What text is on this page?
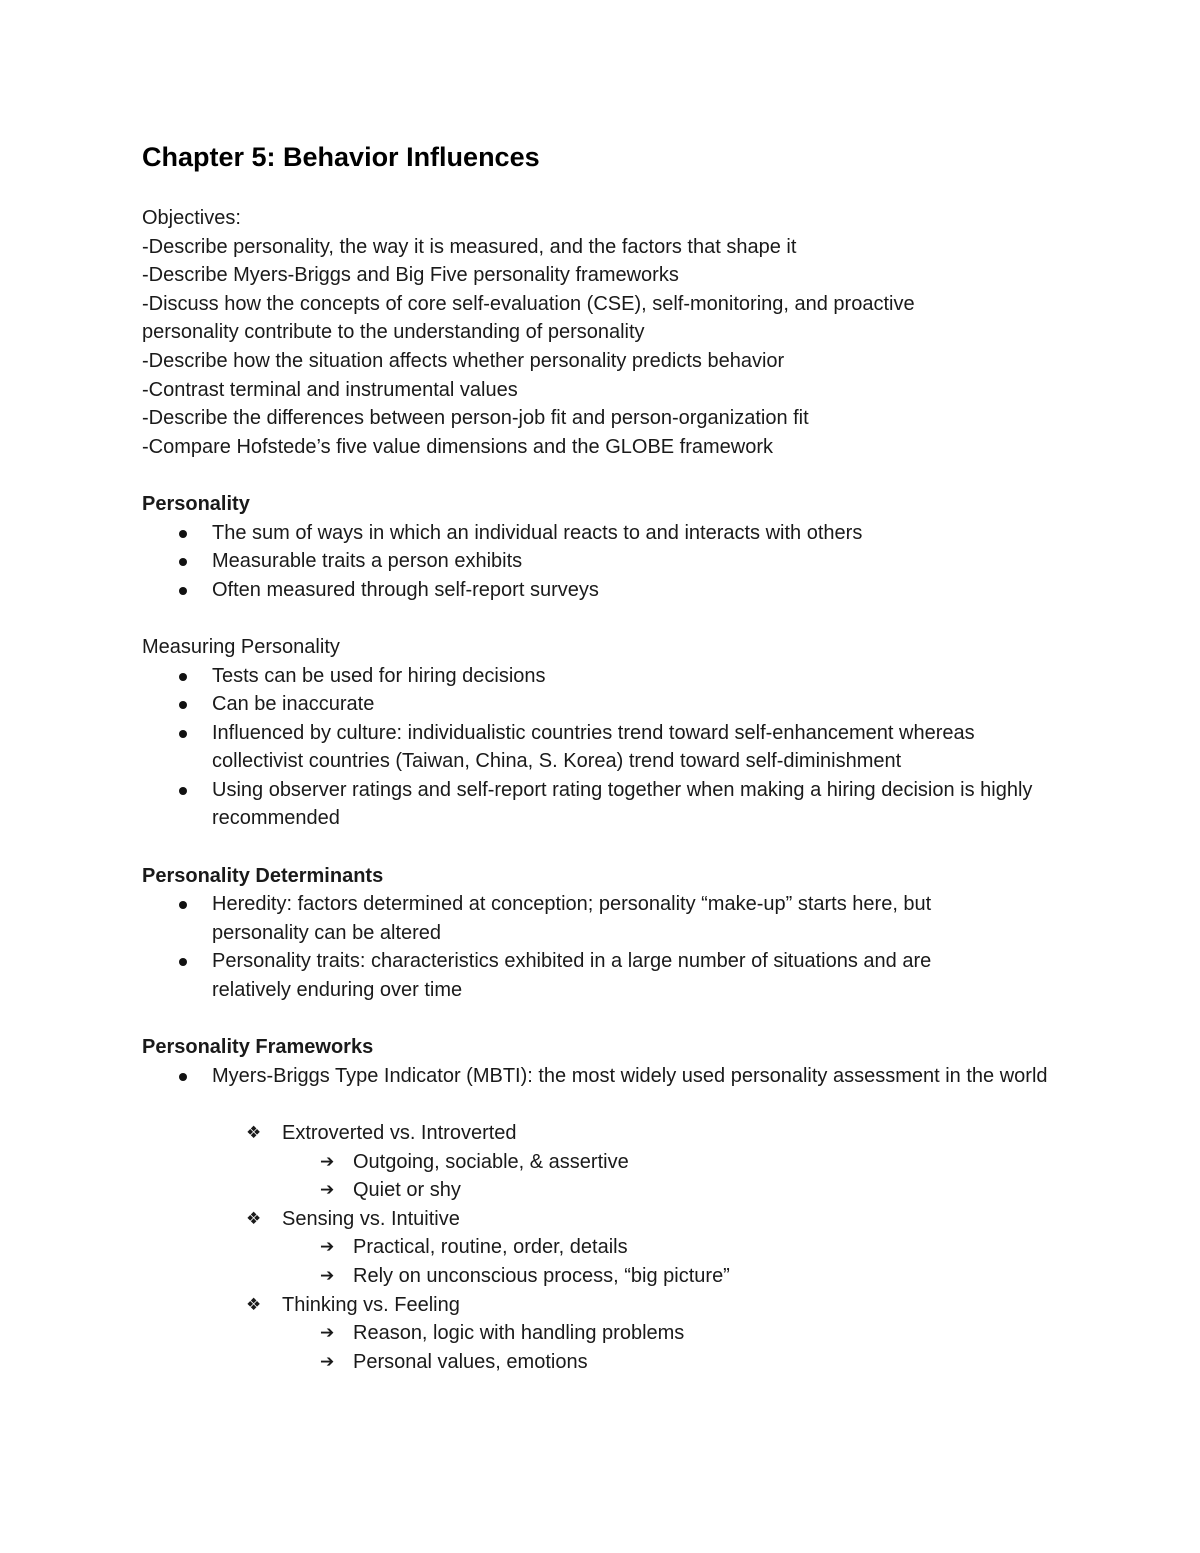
Chapter 5: Behavior Influences

Objectives:

-Describe personality, the way it is measured, and the factors that shape it

-Describe Myers-Briggs and Big Five personality frameworks

-Discuss how the concepts of core self-evaluation (CSE), self-monitoring, and proactive personality contribute to the understanding of personality

-Describe how the situation affects whether personality predicts behavior

-Contrast terminal and instrumental values

-Describe the differences between person-job fit and person-organization fit

-Compare Hofstede’s five value dimensions and the GLOBE framework

Personality

The sum of ways in which an individual reacts to and interacts with others
Measurable traits a person exhibits
Often measured through self-report surveys

Measuring Personality

Tests can be used for hiring decisions
Can be inaccurate
Influenced by culture: individualistic countries trend toward self-enhancement whereas collectivist countries (Taiwan, China, S. Korea) trend toward self-diminishment
Using observer ratings and self-report rating together when making a hiring decision is highly recommended

Personality Determinants

Heredity: factors determined at conception; personality “make-up” starts here, but personality can be altered
Personality traits: characteristics exhibited in a large number of situations and are relatively enduring over time

Personality Frameworks

Myers-Briggs Type Indicator (MBTI): the most widely used personality assessment in the world
❖ Extroverted vs. Introverted
➔ Outgoing, sociable, & assertive
➔ Quiet or shy
❖ Sensing vs. Intuitive
➔ Practical, routine, order, details
➔ Rely on unconscious process, “big picture”
❖ Thinking vs. Feeling
➔ Reason, logic with handling problems
➔ Personal values, emotions
